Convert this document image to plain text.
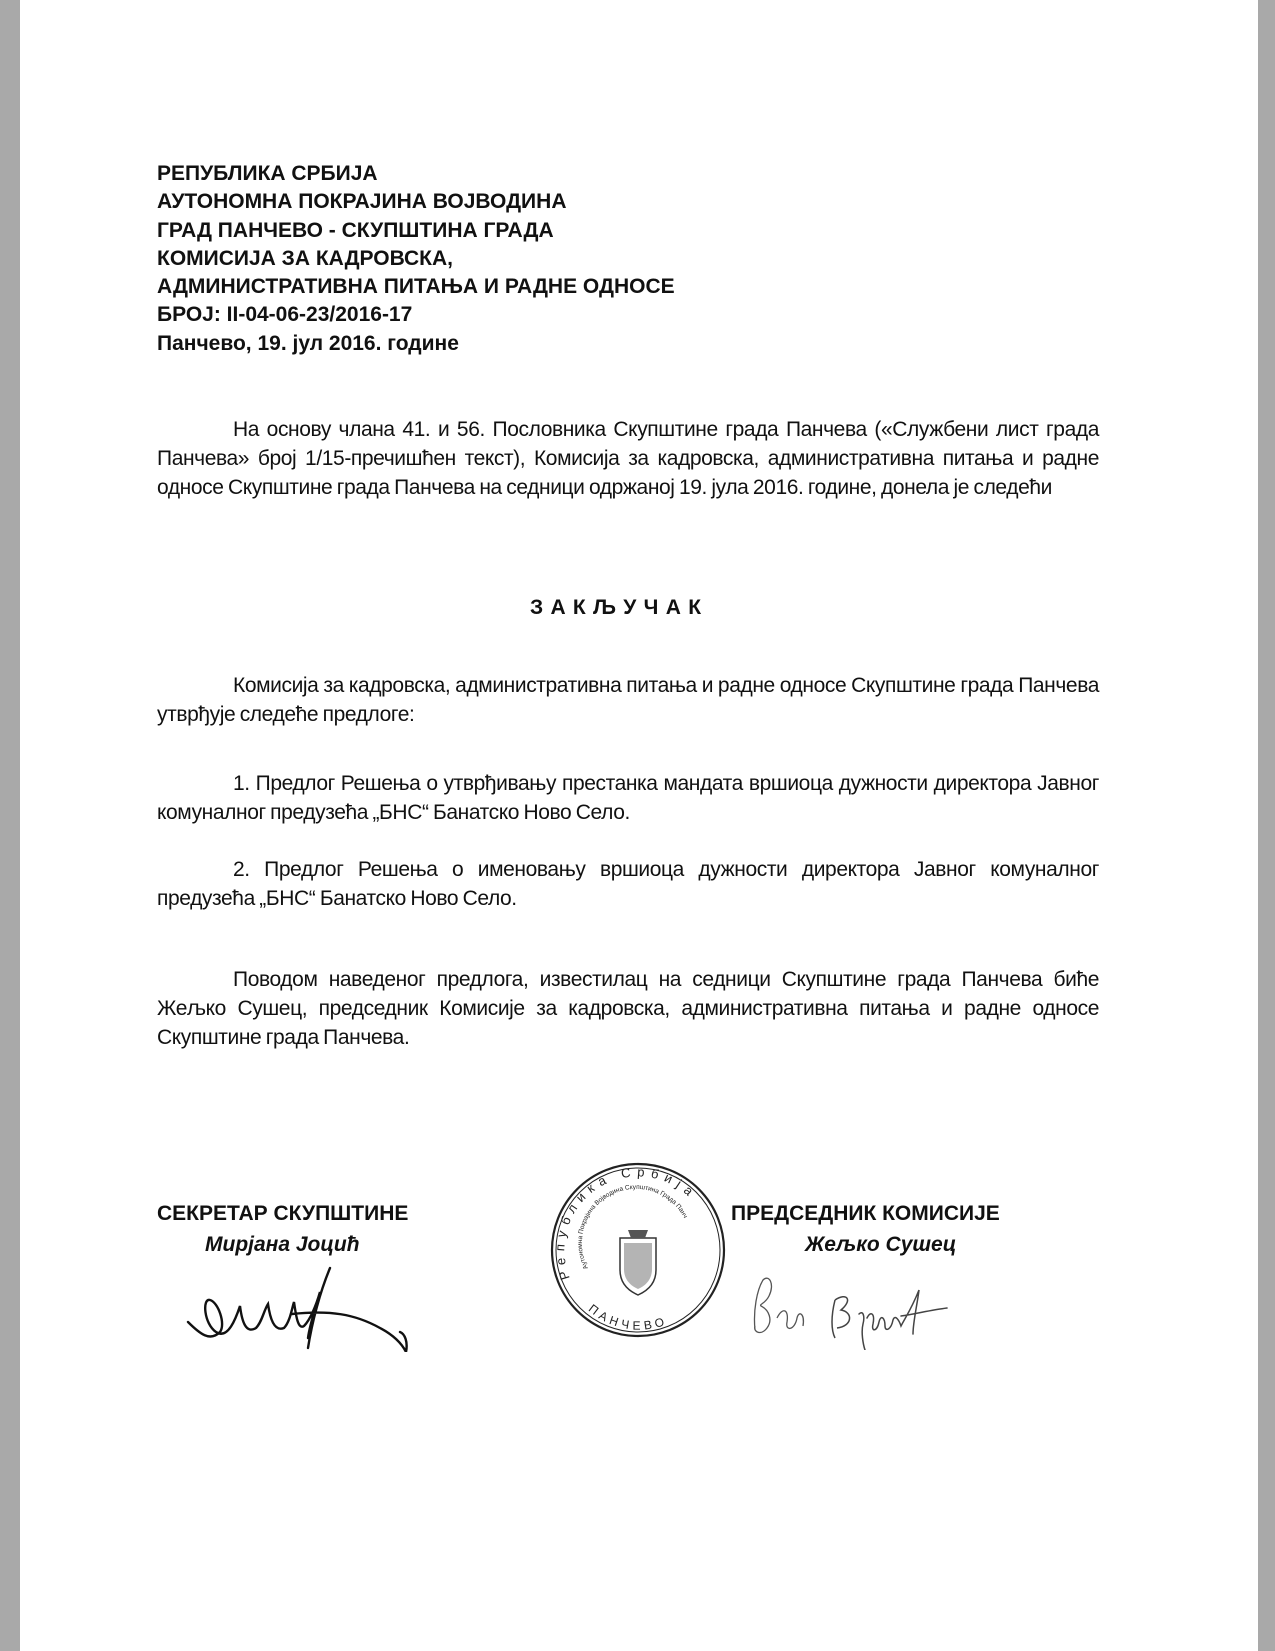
РЕПУБЛИКА СРБИЈА
АУТОНОМНА ПОКРАЈИНА ВОЈВОДИНА
ГРАД ПАНЧЕВО - СКУПШТИНА ГРАДА
КОМИСИЈА ЗА КАДРОВСКА,
АДМИНИСТРАТИВНА ПИТАЊА И РАДНЕ ОДНОСЕ
БРОЈ: II-04-06-23/2016-17
Панчево, 19. јул 2016. године
На основу члана 41. и 56. Пословника Скупштине града Панчева («Службени лист града Панчева» број 1/15-пречишћен текст), Комисија за кадровска, административна питања и радне односе Скупштине града Панчева на седници одржаној 19. јула 2016. године, донела је следећи
ЗАКЉУЧАК
Комисија за кадровска, административна питања и радне односе Скупштине града Панчева утврђује следеће предлоге:
1. Предлог Решења о утврђивању престанка мандата вршиоца дужности директора Јавног комуналног предузећа „БНС“ Банатско Ново Село.
2. Предлог Решења о именовању вршиоца дужности директора Јавног комуналног предузећа „БНС“ Банатско Ново Село.
Поводом наведеног предлога, известилац на седници Скупштине града Панчева биће Жељко Сушец, председник Комисије за кадровска, административна питања и радне односе Скупштине града Панчева.
СЕКРЕТАР СКУПШТИНЕ
Мирјана Јоцић
Република Србија
Аутономна Покрајина Војводина Скупштина Града Панч
ПАНЧЕВО
ПРЕДСЕДНИК КОМИСИЈЕ
Жељко Сушец
